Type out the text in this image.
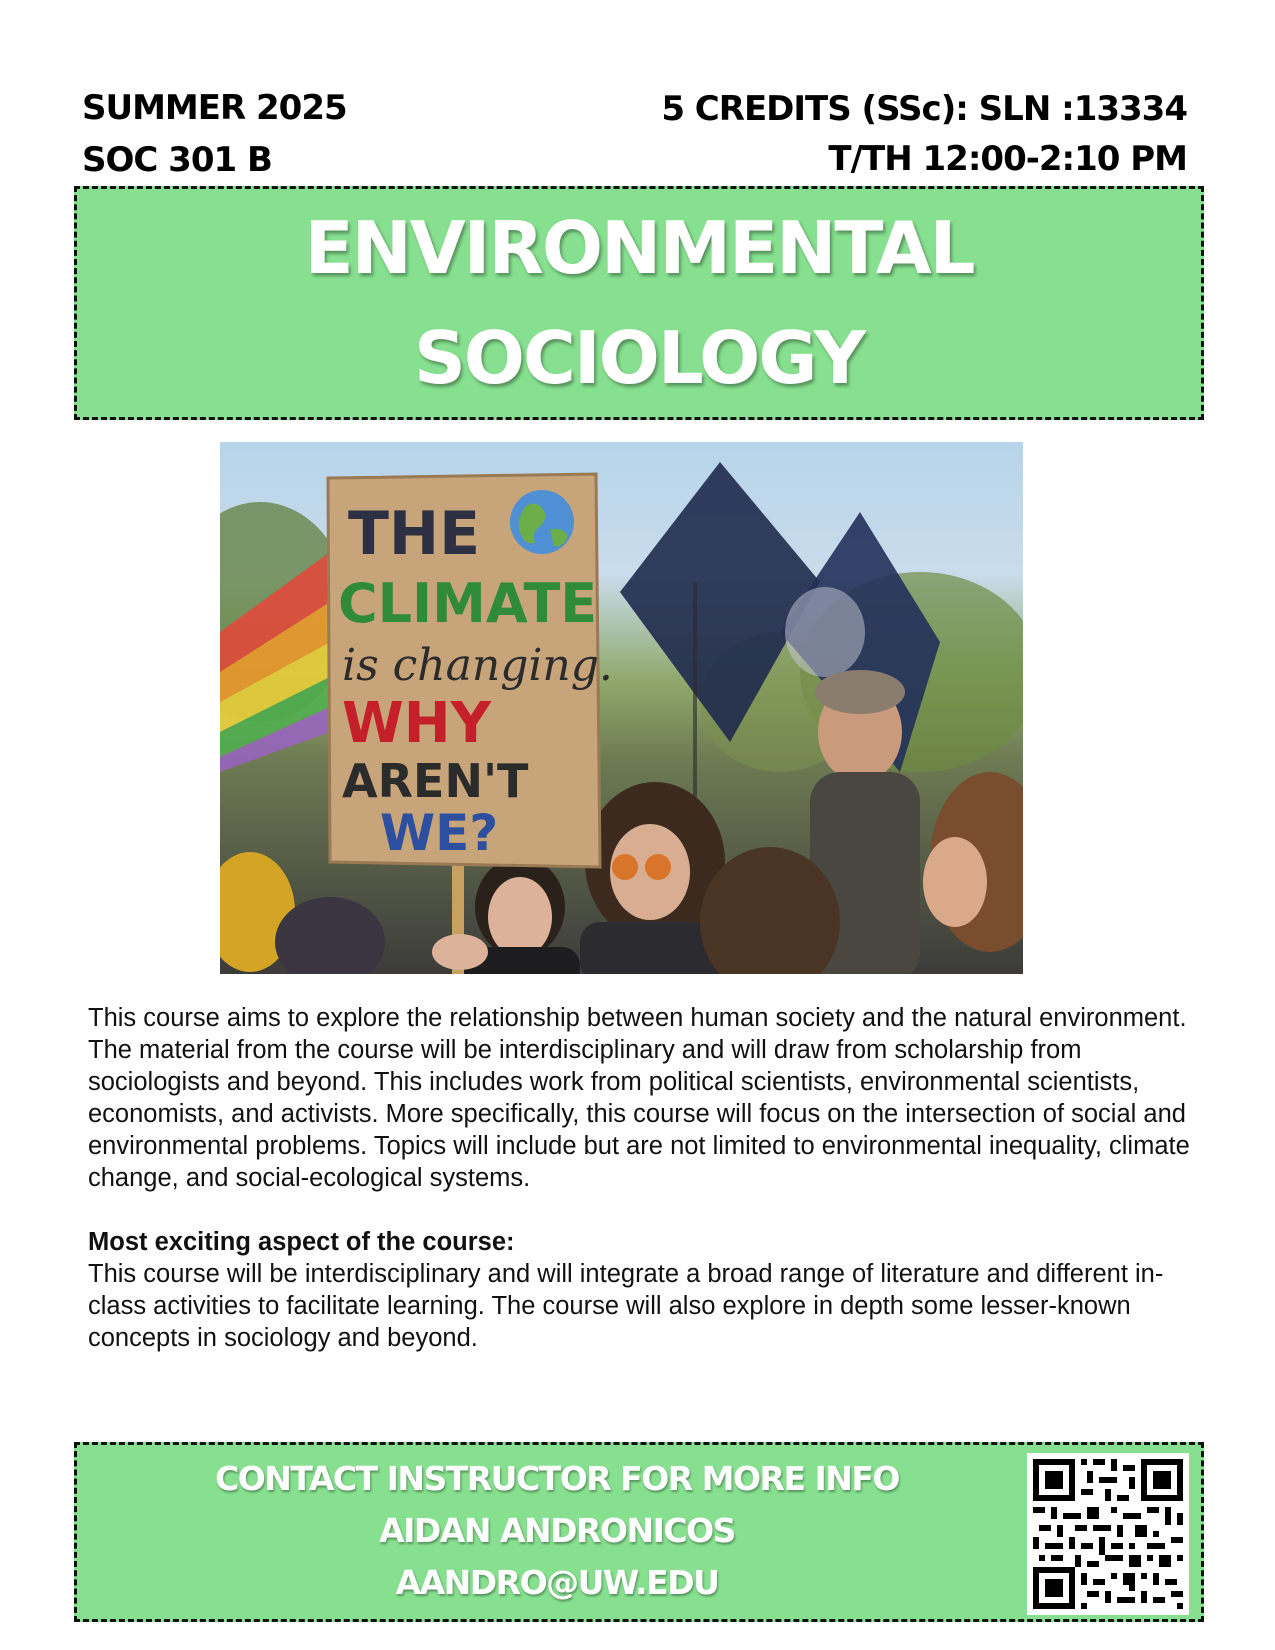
SUMMER 2025
SOC 301 B
5 CREDITS (SSc): SLN :13334
T/TH 12:00-2:10 PM
ENVIRONMENTAL
SOCIOLOGY
THE
CLIMATE
is changing.
WHY
AREN'T
WE?

This course aims to explore the relationship between human society and the natural environment. The material from the course will be interdisciplinary and will draw from scholarship from sociologists and beyond. This includes work from political scientists, environmental scientists, economists, and activists. More specifically, this course will focus on the intersection of social and environmental problems. Topics will include but are not limited to environmental inequality, climate change, and social-ecological systems.

Most exciting aspect of the course:
This course will be interdisciplinary and will integrate a broad range of literature and different in-class activities to facilitate learning. The course will also explore in depth some lesser-known concepts in sociology and beyond.
CONTACT INSTRUCTOR FOR MORE INFO
AIDAN ANDRONICOS
AANDRO@UW.EDU
